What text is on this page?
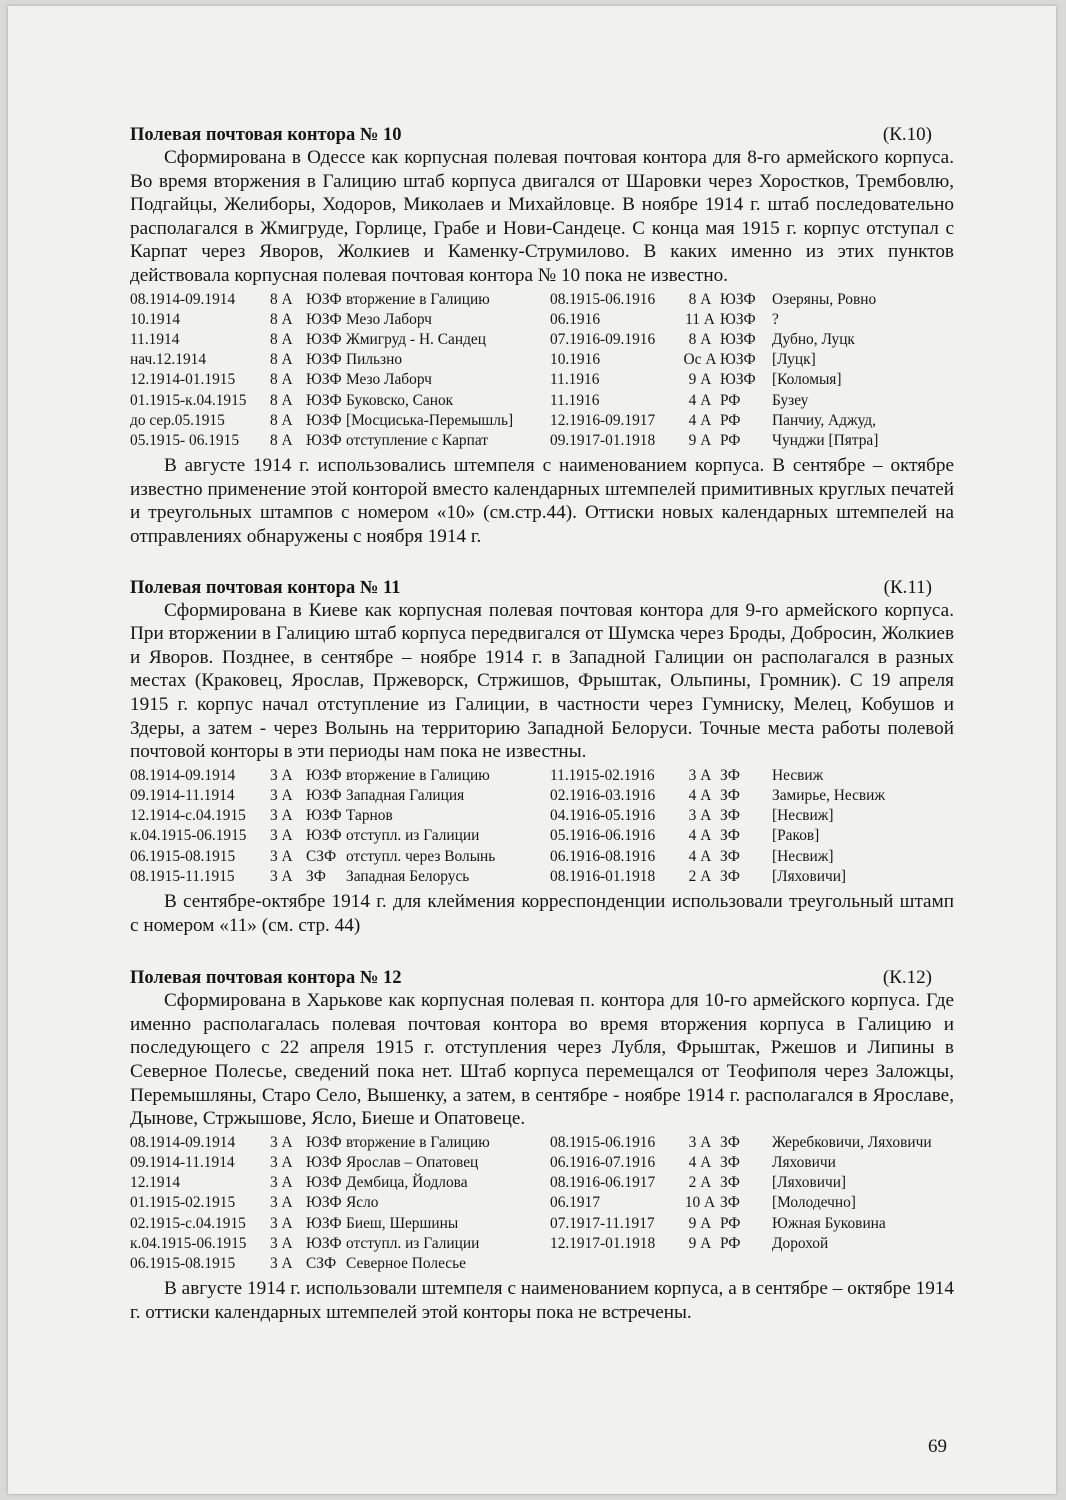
Полевая почтовая контора № 10	(К.10)

Сформирована в Одессе как корпусная полевая почтовая контора для 8-го армейского корпуса. Во время вторжения в Галицию штаб корпуса двигался от Шаровки через Хоростков, Трембовлю, Подгайцы, Желиборы, Ходоров, Миколаев и Михайловце. В ноябре 1914 г. штаб последовательно располагался в Жмигруде, Горлице, Грабе и Нови-Сандеце. С конца мая 1915 г. корпус отступал с Карпат через Яворов, Жолкиев и Каменку-Струмилово. В каких именно из этих пунктов действовала корпусная полевая почтовая контора № 10 пока не известно.

08.1914-09.1914	8 А ЮЗФ вторжение в Галицию	08.1915-06.1916	8 А ЮЗФ	Озеряны, Ровно
10.1914	8 А ЮЗФ Мезо Лаборч	06.1916	11 А ЮЗФ	?
11.1914	8 А ЮЗФ Жмигруд - Н. Сандец	07.1916-09.1916	8 А ЮЗФ	Дубно, Луцк
нач.12.1914	8 А ЮЗФ Пильзно	10.1916	Ос А ЮЗФ	[Луцк]
12.1914-01.1915	8 А ЮЗФ Мезо Лаборч	11.1916	9 А ЮЗФ	[Коломыя]
01.1915-к.04.1915	8 А ЮЗФ Буковско, Санок	11.1916	4 А РФ	Бузеу
до сер.05.1915	8 А ЮЗФ [Мосциська-Перемышль]	12.1916-09.1917	4 А РФ	Панчиу, Аджуд,
05.1915- 06.1915	8 А ЮЗФ отступление с Карпат	09.1917-01.1918	9 А РФ	Чунджи [Пятра]

В августе 1914 г. использовались штемпеля с наименованием корпуса. В сентябре – октябре известно применение этой конторой вместо календарных штемпелей примитивных круглых печатей и треугольных штампов с номером «10» (см.стр.44). Оттиски новых календарных штемпелей на отправлениях обнаружены с ноября 1914 г.

Полевая почтовая контора № 11	(К.11)

Сформирована в Киеве как корпусная полевая почтовая контора для 9-го армейского корпуса. При вторжении в Галицию штаб корпуса передвигался от Шумска через Броды, Добросин, Жолкиев и Яворов. Позднее, в сентябре – ноябре 1914 г. в Западной Галиции он располагался в разных местах (Краковец, Ярослав, Пржеворск, Стржишов, Фрыштак, Ольпины, Громник). С 19 апреля 1915 г. корпус начал отступление из Галиции, в частности через Гумниску, Мелец, Кобушов и Здеры, а затем - через Волынь на территорию Западной Белоруси. Точные места работы полевой почтовой конторы в эти периоды нам пока не известны.

08.1914-09.1914	3 А ЮЗФ вторжение в Галицию	11.1915-02.1916	3 А ЗФ	Несвиж
09.1914-11.1914	3 А ЮЗФ Западная Галиция	02.1916-03.1916	4 А ЗФ	Замирье, Несвиж
12.1914-с.04.1915	3 А ЮЗФ Тарнов	04.1916-05.1916	3 А ЗФ	[Несвиж]
к.04.1915-06.1915	3 А ЮЗФ отступл. из Галиции	05.1916-06.1916	4 А ЗФ	[Раков]
06.1915-08.1915	3 А СЗФ отступл. через Волынь	06.1916-08.1916	4 А ЗФ	[Несвиж]
08.1915-11.1915	3 А ЗФ	Западная Белорусь	08.1916-01.1918	2 А ЗФ	[Ляховичи]

В сентябре-октябре 1914 г. для клеймения корреспонденции использовали треугольный штамп с номером «11» (см. стр. 44)

Полевая почтовая контора № 12	(К.12)

Сформирована в Харькове как корпусная полевая п. контора для 10-го армейского корпуса. Где именно располагалась полевая почтовая контора во время вторжения корпуса в Галицию и последующего с 22 апреля 1915 г. отступления через Лубля, Фрыштак, Ржешов и Липины в Северное Полесье, сведений пока нет. Штаб корпуса перемещался от Теофиполя через Заложцы, Перемышляны, Старо Село, Вышенку, а затем, в сентябре - ноябре 1914 г. располагался в Ярославе, Дынове, Стржышове, Ясло, Биеше и Опатовеце.

08.1914-09.1914	3 А ЮЗФ вторжение в Галицию	08.1915-06.1916	3 А ЗФ	Жеребковичи, Ляховичи
09.1914-11.1914	3 А ЮЗФ Ярослав – Опатовец	06.1916-07.1916	4 А ЗФ	Ляховичи
12.1914	3 А ЮЗФ Дембица, Йодлова	08.1916-06.1917	2 А ЗФ	[Ляховичи]
01.1915-02.1915	3 А ЮЗФ Ясло	06.1917	10 А ЗФ	[Молодечно]
02.1915-с.04.1915	3 А ЮЗФ Биеш, Шершины	07.1917-11.1917	9 А РФ	Южная Буковина
к.04.1915-06.1915	3 А ЮЗФ отступл. из Галиции	12.1917-01.1918	9 А РФ	Дорохой
06.1915-08.1915	3 А СЗФ Северное Полесье

В августе 1914 г. использовали штемпеля с наименованием корпуса, а в сентябре – октябре 1914 г. оттиски календарных штемпелей этой конторы пока не встречены.

69
